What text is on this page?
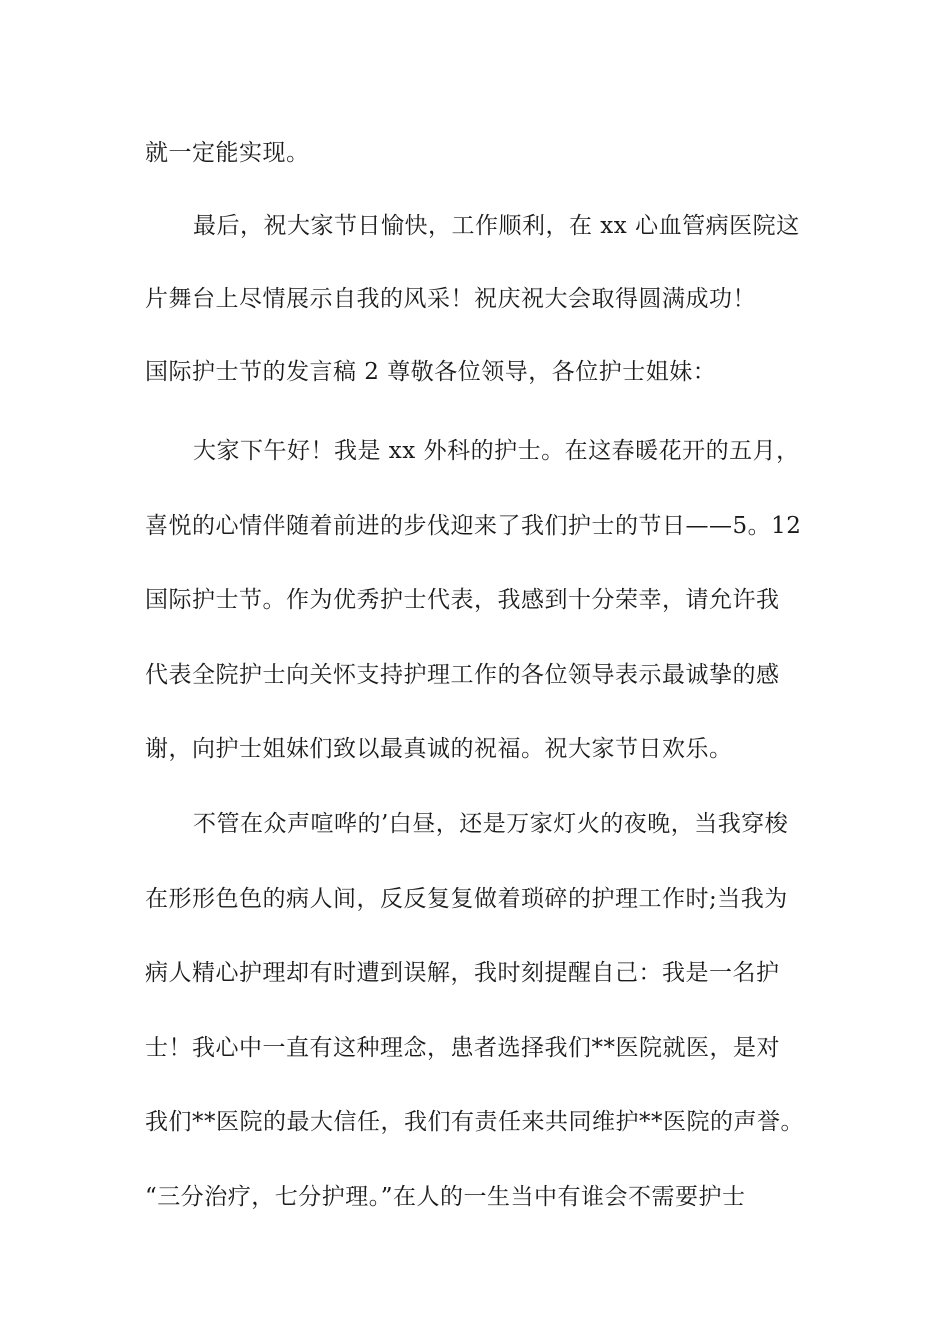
就一定能实现。
最后，祝大家节日愉快，工作顺利，在 xx 心血管病医院这
片舞台上尽情展示自我的风采！祝庆祝大会取得圆满成功！
国际护士节的发言稿 2 尊敬各位领导，各位护士姐妹：
大家下午好！我是 xx 外科的护士。在这春暖花开的五月，
喜悦的心情伴随着前进的步伐迎来了我们护士的节日——5。12
国际护士节。作为优秀护士代表，我感到十分荣幸，请允许我
代表全院护士向关怀支持护理工作的各位领导表示最诚挚的感
谢，向护士姐妹们致以最真诚的祝福。祝大家节日欢乐。
不管在众声喧哗的’白昼，还是万家灯火的夜晚，当我穿梭
在形形色色的病人间，反反复复做着琐碎的护理工作时;当我为
病人精心护理却有时遭到误解，我时刻提醒自己：我是一名护
士！我心中一直有这种理念，患者选择我们**医院就医，是对
我们**医院的最大信任，我们有责任来共同维护**医院的声誉。
“三分治疗，七分护理。”在人的一生当中有谁会不需要护士
